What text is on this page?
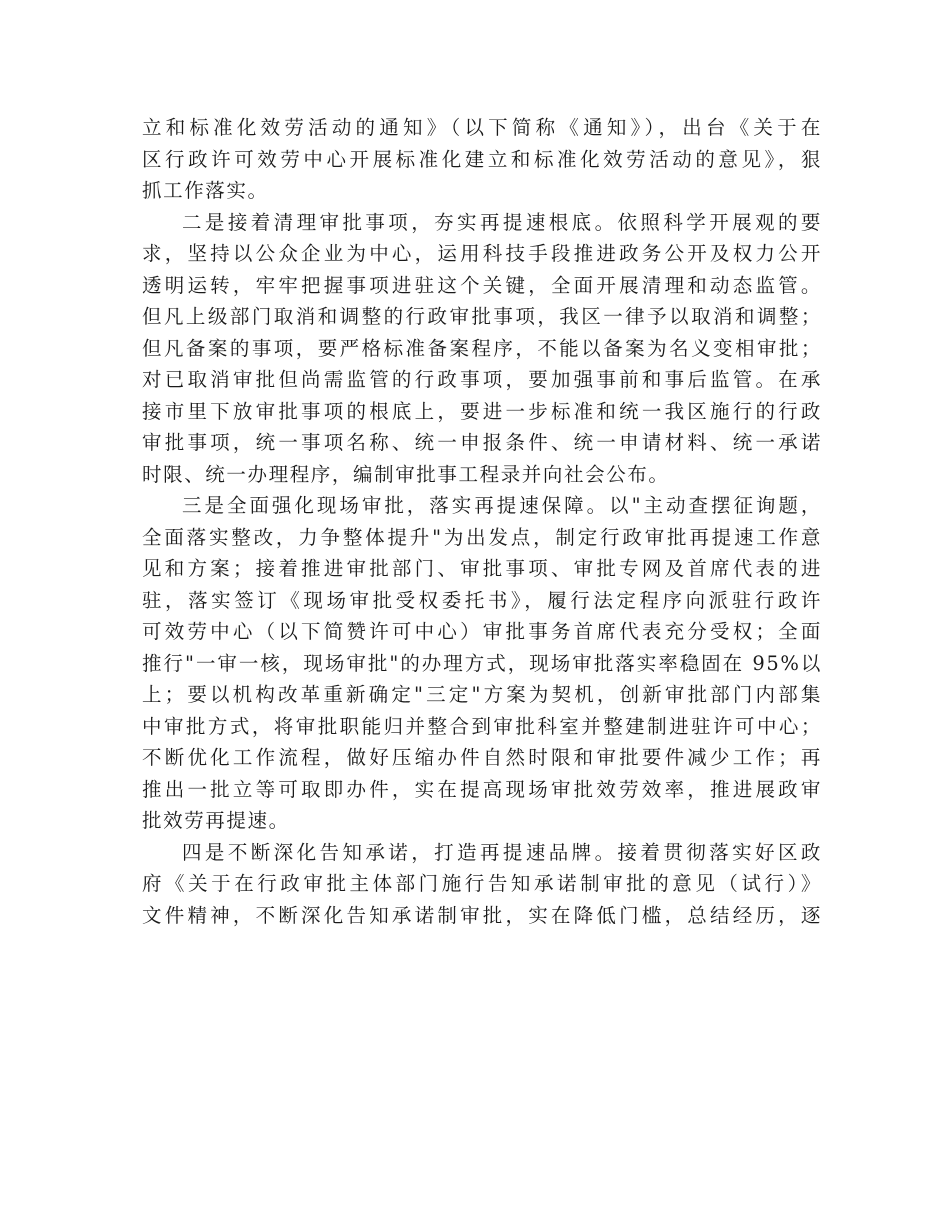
立和标准化效劳活动的通知》（以下简称《通知》），出台《关于在
区行政许可效劳中心开展标准化建立和标准化效劳活动的意见》，狠
抓工作落实。
二是接着清理审批事项，夯实再提速根底。依照科学开展观的要
求，坚持以公众企业为中心，运用科技手段推进政务公开及权力公开
透明运转，牢牢把握事项进驻这个关键，全面开展清理和动态监管。
但凡上级部门取消和调整的行政审批事项，我区一律予以取消和调整；
但凡备案的事项，要严格标准备案程序，不能以备案为名义变相审批；
对已取消审批但尚需监管的行政事项，要加强事前和事后监管。在承
接市里下放审批事项的根底上，要进一步标准和统一我区施行的行政
审批事项，统一事项名称、统一申报条件、统一申请材料、统一承诺
时限、统一办理程序，编制审批事工程录并向社会公布。
三是全面强化现场审批，落实再提速保障。以"主动查摆征询题，
全面落实整改，力争整体提升"为出发点，制定行政审批再提速工作意
见和方案；接着推进审批部门、审批事项、审批专网及首席代表的进
驻，落实签订《现场审批受权委托书》，履行法定程序向派驻行政许
可效劳中心（以下简赞许可中心）审批事务首席代表充分受权；全面
推行"一审一核，现场审批"的办理方式，现场审批落实率稳固在 95%以
上；要以机构改革重新确定"三定"方案为契机，创新审批部门内部集
中审批方式，将审批职能归并整合到审批科室并整建制进驻许可中心；
不断优化工作流程，做好压缩办件自然时限和审批要件减少工作；再
推出一批立等可取即办件，实在提高现场审批效劳效率，推进展政审
批效劳再提速。
四是不断深化告知承诺，打造再提速品牌。接着贯彻落实好区政
府《关于在行政审批主体部门施行告知承诺制审批的意见（试行）》
文件精神，不断深化告知承诺制审批，实在降低门槛，总结经历，逐
